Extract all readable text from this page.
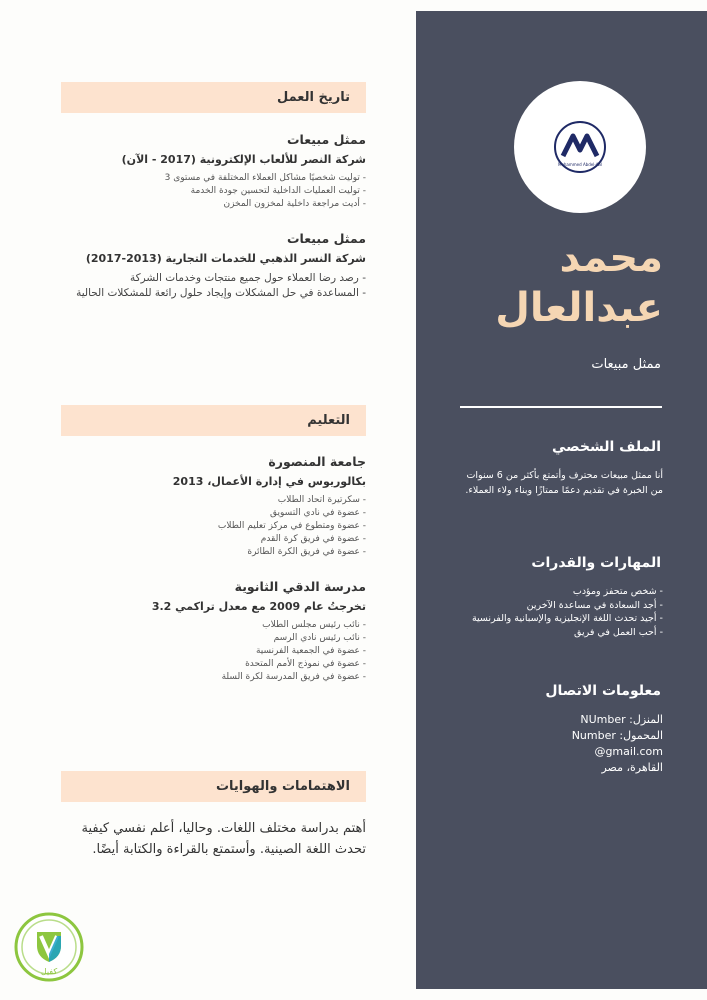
Mohammed Abdel-Aal
محمد
عبدالعال
ممثل مبيعات
الملف الشخصي
أنا ممثل مبيعات محترف وأتمتع بأكثر من 6 سنوات من الخبرة في تقديم دعمًا ممتازًا وبناء ولاء العملاء.
المهارات والقدرات
- شخص متحفز ومؤدب
- أجد السعادة في مساعدة الآخرين
- أجيد تحدث اللغة الإنجليزية والإسبانية والفرنسية
- أحب العمل في فريق
معلومات الاتصال
المنزل: NUmber
المحمول: Number
gmail.com@
القاهرة، مصر
تاريخ العمل
ممثل مبيعات
شركة النصر للألعاب الإلكترونية (2017 - الآن)
- توليت شخصيًا مشاكل العملاء المختلفة في مستوى 3
- توليت العمليات الداخلية لتحسين جودة الخدمة
- أديت مراجعة داخلية لمخزون المخزن
ممثل مبيعات
شركة النسر الذهبي للخدمات التجارية (2013-2017)
- رصد رضا العملاء حول جميع منتجات وخدمات الشركة
- المساعدة في حل المشكلات وإيجاد حلول رائعة للمشكلات الحالية
التعليم
جامعة المنصورة
بكالوريوس في إدارة الأعمال، 2013
- سكرتيرة اتحاد الطلاب
- عضوة في نادي التسويق
- عضوة ومتطوع في مركز تعليم الطلاب
- عضوة في فريق كرة القدم
- عضوة في فريق الكرة الطائرة
مدرسة الدقي الثانوية
تخرجتُ عام 2009 مع معدل تراكمي 3.2
- نائب رئيس مجلس الطلاب
- نائب رئيس نادي الرسم
- عضوة في الجمعية الفرنسية
- عضوة في نموذج الأمم المتحدة
- عضوة في فريق المدرسة لكرة السلة
الاهتمامات والهوايات
أهتم بدراسة مختلف اللغات. وحاليا، أعلم نفسي كيفية تحدث اللغة الصينية. وأستمتع بالقراءة والكتابة أيضًا.
كفيل
